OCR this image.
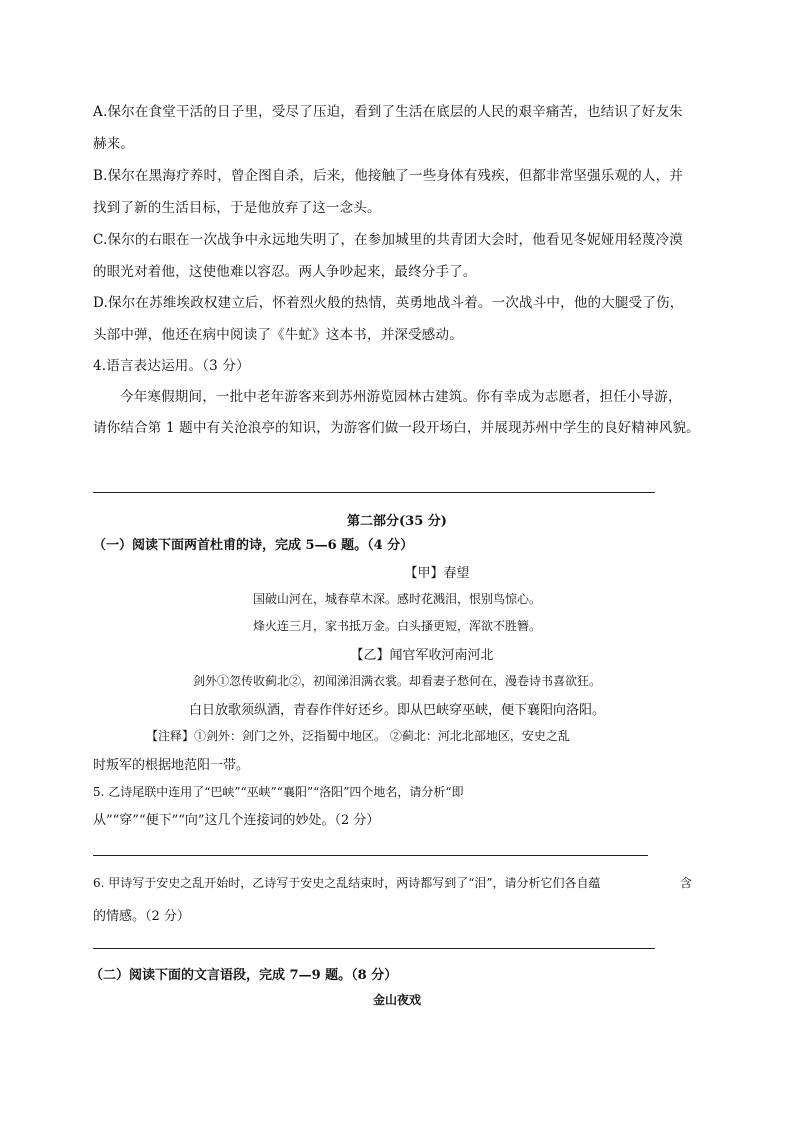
A.保尔在食堂干活的日子里，受尽了压迫，看到了生活在底层的人民的艰辛痛苦，也结识了好友朱
赫来。
B.保尔在黑海疗养时，曾企图自杀，后来，他接触了一些身体有残疾，但都非常坚强乐观的人，并
找到了新的生活目标，于是他放弃了这一念头。
C.保尔的右眼在一次战争中永远地失明了，在参加城里的共青团大会时，他看见冬妮娅用轻蔑冷漠
的眼光对着他，这使他难以容忍。两人争吵起来，最终分手了。
D.保尔在苏维埃政权建立后，怀着烈火般的热情，英勇地战斗着。一次战斗中，他的大腿受了伤，
头部中弹，他还在病中阅读了《牛虻》这本书，并深受感动。
4.语言表达运用。（3 分）
今年寒假期间，一批中老年游客来到苏州游览园林古建筑。你有幸成为志愿者，担任小导游，
请你结合第 1 题中有关沧浪亭的知识，为游客们做一段开场白，并展现苏州中学生的良好精神风貌。
第二部分(35 分)
（一）阅读下面两首杜甫的诗，完成 5—6 题。（4 分）
【甲】春望
国破山河在，城春草木深。感时花溅泪，恨别鸟惊心。
烽火连三月，家书抵万金。白头搔更短，浑欲不胜簪。
【乙】闻官军收河南河北
剑外①忽传收蓟北②，初闻涕泪满衣裳。却看妻子愁何在，漫卷诗书喜欲狂。
白日放歌须纵酒，青春作伴好还乡。即从巴峡穿巫峡，便下襄阳向洛阳。
【注释】①剑外：剑门之外，泛指蜀中地区。 ②蓟北：河北北部地区，安史之乱
时叛军的根据地范阳一带。
5. 乙诗尾联中连用了“巴峡”“巫峡”“襄阳”“洛阳”四个地名，请分析“即
从”“穿”“便下”“向”这几个连接词的妙处。（2 分）
6. 甲诗写于安史之乱开始时，乙诗写于安史之乱结束时，两诗都写到了“泪”，请分析它们各自蕴	含
的情感。（2 分）
（二）阅读下面的文言语段，完成 7—9 题。（8 分）
金山夜戏
